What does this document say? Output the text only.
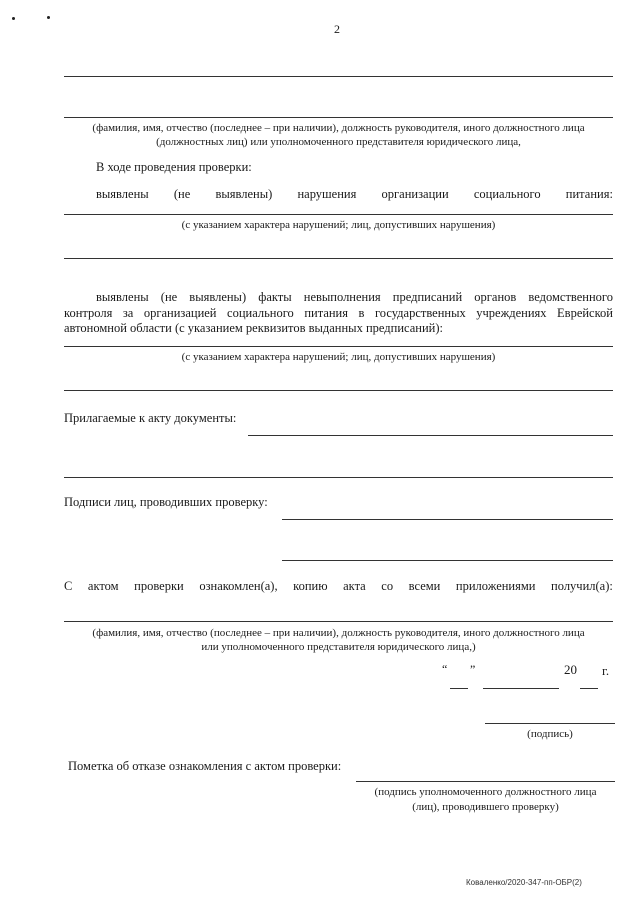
2
(фамилия, имя, отчество (последнее – при наличии), должность руководителя, иного должностного лица
(должностных лиц) или уполномоченного представителя юридического лица,
В ходе проведения проверки:
выявлены (не выявлены) нарушения организации социального питания:
(с указанием характера нарушений; лиц, допустивших нарушения)
выявлены (не выявлены) факты невыполнения предписаний органов ведомственного
контроля за организацией социального питания в государственных учреждениях Еврейской
автономной области (с указанием реквизитов выданных предписаний):
(с указанием характера нарушений; лиц, допустивших нарушения)
Прилагаемые к акту документы:
Подписи лиц, проводивших проверку:
С актом проверки ознакомлен(а), копию акта со всеми приложениями получил(а):
(фамилия, имя, отчество (последнее – при наличии), должность руководителя, иного должностного лица
или уполномоченного представителя юридического лица,)
“ ”	20 г.
(подпись)
Пометка об отказе ознакомления с актом проверки:
(подпись уполномоченного должностного лица
(лиц), проводившего проверку)
Коваленко/2020-347-пп-ОБР(2)
